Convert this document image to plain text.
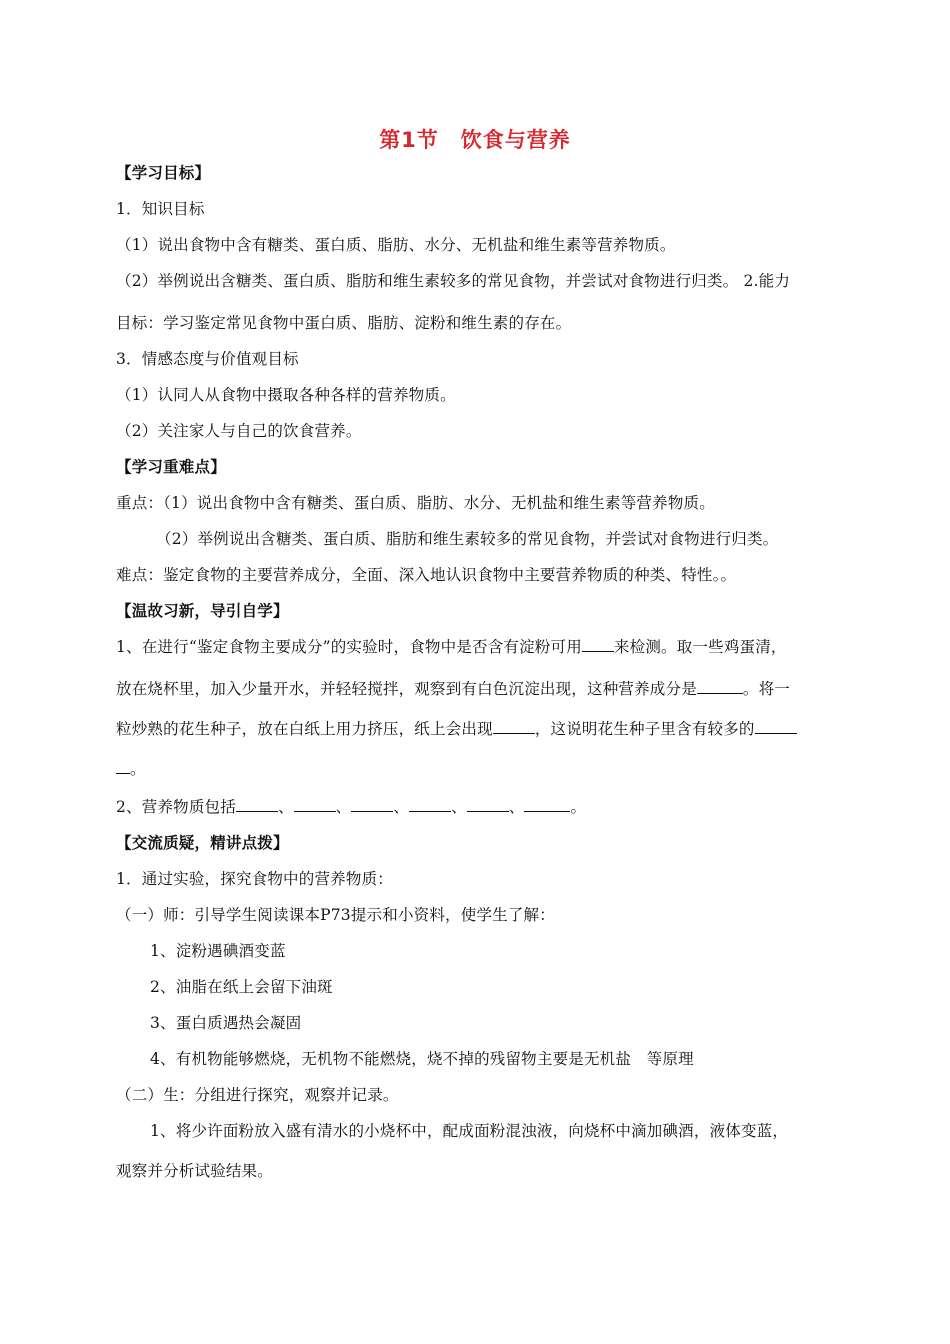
第1节　饮食与营养
【学习目标】
1．知识目标
（1）说出食物中含有糖类、蛋白质、脂肪、水分、无机盐和维生素等营养物质。
（2）举例说出含糖类、蛋白质、脂肪和维生素较多的常见食物，并尝试对食物进行归类。 2.能力
目标：学习鉴定常见食物中蛋白质、脂肪、淀粉和维生素的存在。
3．情感态度与价值观目标
（1）认同人从食物中摄取各种各样的营养物质。
（2）关注家人与自己的饮食营养。
【学习重难点】
重点：（1）说出食物中含有糖类、蛋白质、脂肪、水分、无机盐和维生素等营养物质。
（2）举例说出含糖类、蛋白质、脂肪和维生素较多的常见食物，并尝试对食物进行归类。
难点：鉴定食物的主要营养成分，全面、深入地认识食物中主要营养物质的种类、特性。。
【温故习新，导引自学】
1、在进行“鉴定食物主要成分”的实验时，食物中是否含有淀粉可用 来检测。取一些鸡蛋清，
放在烧杯里，加入少量开水，并轻轻搅拌，观察到有白色沉淀出现，这种营养成分是	。将一
粒炒熟的花生种子，放在白纸上用力挤压，纸上会出现	，这说明花生种子里含有较多的
。
2、营养物质包括	、	、	、	、	、	。
【交流质疑，精讲点拨】
1．通过实验，探究食物中的营养物质：
（一）师：引导学生阅读课本P73提示和小资料，使学生了解：
1、淀粉遇碘酒变蓝
2、油脂在纸上会留下油斑
3、蛋白质遇热会凝固
4、有机物能够燃烧，无机物不能燃烧，烧不掉的残留物主要是无机盐　等原理
（二）生：分组进行探究，观察并记录。
1、将少许面粉放入盛有清水的小烧杯中，配成面粉混浊液，向烧杯中滴加碘酒，液体变蓝，
观察并分析试验结果。
